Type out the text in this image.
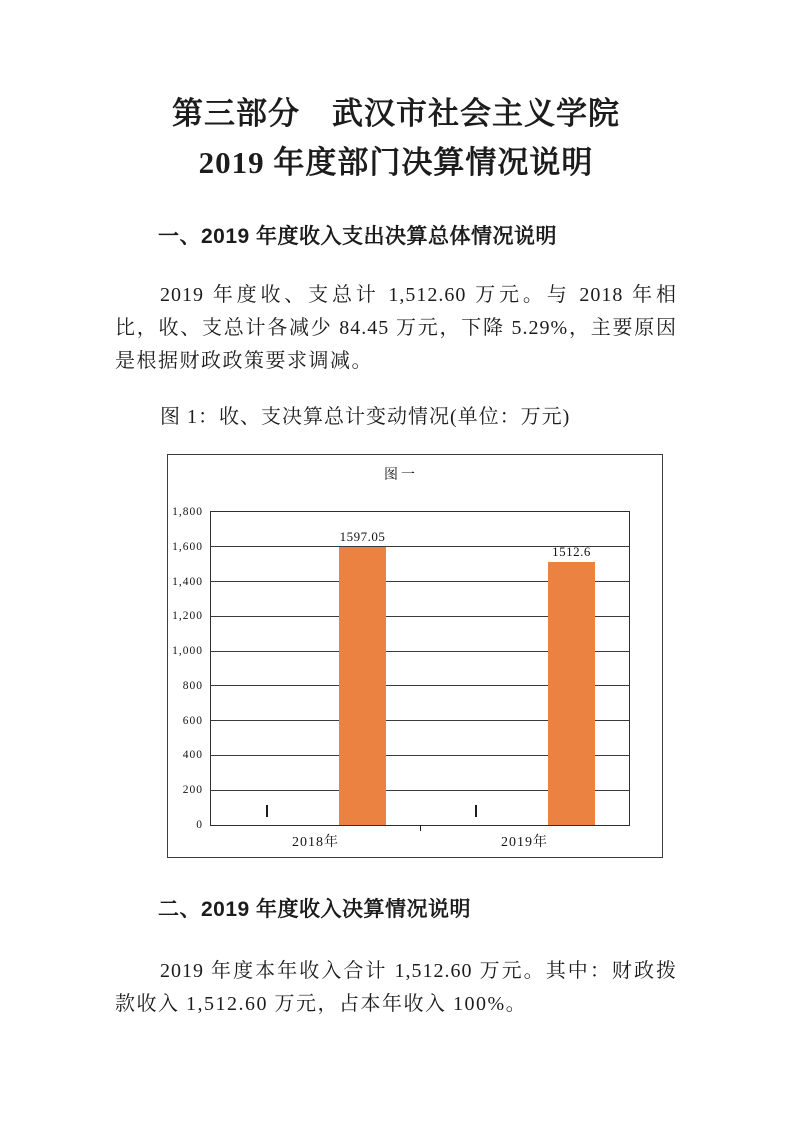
第三部分　武汉市社会主义学院
2019 年度部门决算情况说明
一、2019 年度收入支出决算总体情况说明
2019 年度收、支总计 1,512.60 万元。与 2018 年相
比，收、支总计各减少 84.45 万元，下降 5.29%，主要原因
是根据财政政策要求调减。
图 1：收、支决算总计变动情况(单位：万元)
图一
0
200
400
600
800
1,000
1,200
1,400
1,600
1,800
1597.05
2018年
1512.6
2019年
二、2019 年度收入决算情况说明
2019 年度本年收入合计 1,512.60 万元。其中：财政拨
款收入 1,512.60 万元，占本年收入 100%。
